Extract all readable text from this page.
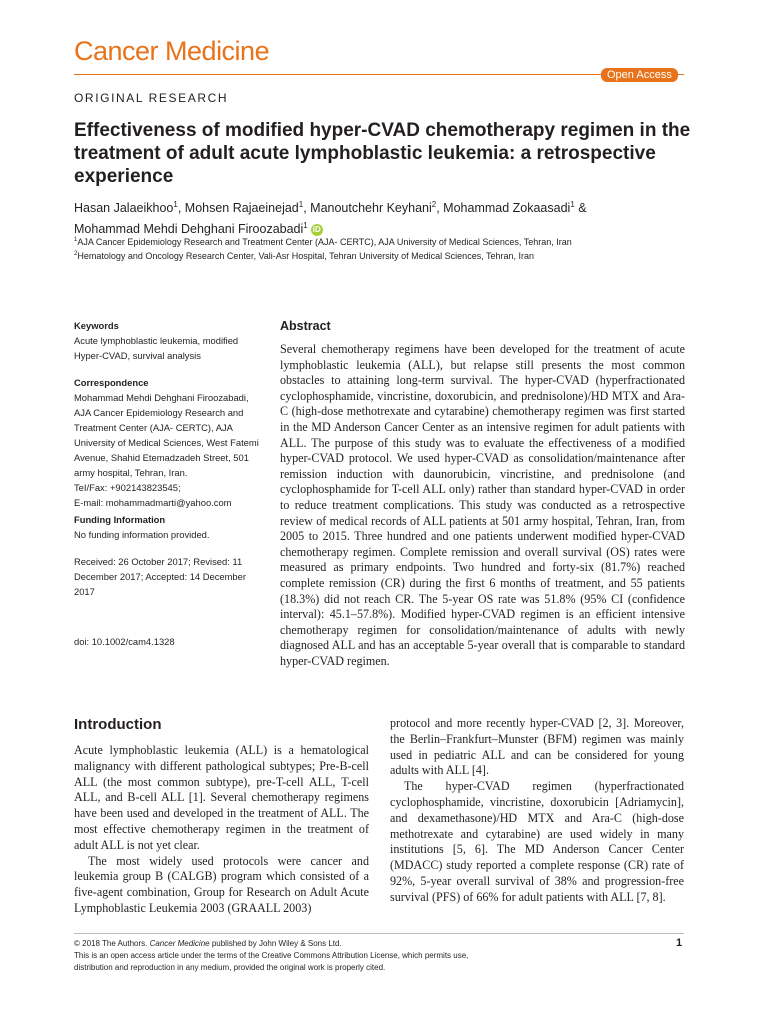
Cancer Medicine
Open Access
ORIGINAL RESEARCH
Effectiveness of modified hyper-CVAD chemotherapy regimen in the treatment of adult acute lymphoblastic leukemia: a retrospective experience
Hasan Jalaeikhoo$^1$, Mohsen Rajaeinejad$^1$, Manoutchehr Keyhani$^2$, Mohammad Zokaasadi$^1$ &
Mohammad Mehdi Dehghani Firoozabadi$^1$ iD
$^1$AJA Cancer Epidemiology Research and Treatment Center (AJA- CERTC), AJA University of Medical Sciences, Tehran, Iran
$^2$Hematology and Oncology Research Center, Vali-Asr Hospital, Tehran University of Medical Sciences, Tehran, Iran
Keywords
Acute lymphoblastic leukemia, modified Hyper-CVAD, survival analysis
Correspondence
Mohammad Mehdi Dehghani Firoozabadi,
AJA Cancer Epidemiology Research and
Treatment Center (AJA- CERTC), AJA
University of Medical Sciences, West Fatemi
Avenue, Shahid Etemadzadeh Street, 501
army hospital, Tehran, Iran.
TeI/Fax: +902143823545;
E-mail: mohammadmarti@yahoo.com
Funding Information
No funding information provided.
Received: 26 October 2017; Revised: 11 December 2017; Accepted: 14 December 2017
doi: 10.1002/cam4.1328
Abstract

Several chemotherapy regimens have been developed for the treatment of acute lymphoblastic leukemia (ALL), but relapse still presents the most common obstacles to attaining long-term survival. The hyper-CVAD (hyperfractionated cyclophosphamide, vincristine, doxorubicin, and prednisolone)/HD MTX and Ara-C (high-dose methotrexate and cytarabine) chemotherapy regimen was first started in the MD Anderson Cancer Center as an intensive regimen for adult patients with ALL. The purpose of this study was to evaluate the effectiveness of a modified hyper-CVAD protocol. We used hyper-CVAD as consolidation/maintenance after remission induction with daunorubicin, vincristine, and prednisolone (and cyclophosphamide for T-cell ALL only) rather than standard hyper-CVAD in order to reduce treatment complications. This study was conducted as a retrospective review of medical records of ALL patients at 501 army hospital, Tehran, Iran, from 2005 to 2015. Three hundred and one patients underwent modified hyper-CVAD chemotherapy regimen. Complete remission and overall survival (OS) rates were measured as primary endpoints. Two hundred and forty-six (81.7%) reached complete remission (CR) during the first 6 months of treatment, and 55 patients (18.3%) did not reach CR. The 5-year OS rate was 51.8% (95% CI (confidence interval): 45.1–57.8%). Modified hyper-CVAD regimen is an efficient intensive chemotherapy regimen for consolidation/maintenance of adults with newly diagnosed ALL and has an acceptable 5-year overall that is comparable to standard hyper-CVAD regimen.

Introduction

Acute lymphoblastic leukemia (ALL) is a hematological malignancy with different pathological subtypes; Pre-B-cell ALL (the most common subtype), pre-T-cell ALL, T-cell ALL, and B-cell ALL [1]. Several chemotherapy regimens have been used and developed in the treatment of ALL. The most effective chemotherapy regimen in the treatment of adult ALL is not yet clear.

The most widely used protocols were cancer and leukemia group B (CALGB) program which consisted of a five-agent combination, Group for Research on Adult Acute Lymphoblastic Leukemia 2003 (GRAALL 2003)

protocol and more recently hyper-CVAD [2, 3]. Moreover, the Berlin–Frankfurt–Munster (BFM) regimen was mainly used in pediatric ALL and can be considered for young adults with ALL [4].

The hyper-CVAD regimen (hyperfractionated cyclophosphamide, vincristine, doxorubicin [Adriamycin], and dexamethasone)/HD MTX and Ara-C (high-dose methotrexate and cytarabine) are used widely in many institutions [5, 6]. The MD Anderson Cancer Center (MDACC) study reported a complete response (CR) rate of 92%, 5-year overall survival of 38% and progression-free survival (PFS) of 66% for adult patients with ALL [7, 8].

© 2018 The Authors. Cancer Medicine published by John Wiley & Sons Ltd.
This is an open access article under the terms of the Creative Commons Attribution License, which permits use,
distribution and reproduction in any medium, provided the original work is properly cited.
1
